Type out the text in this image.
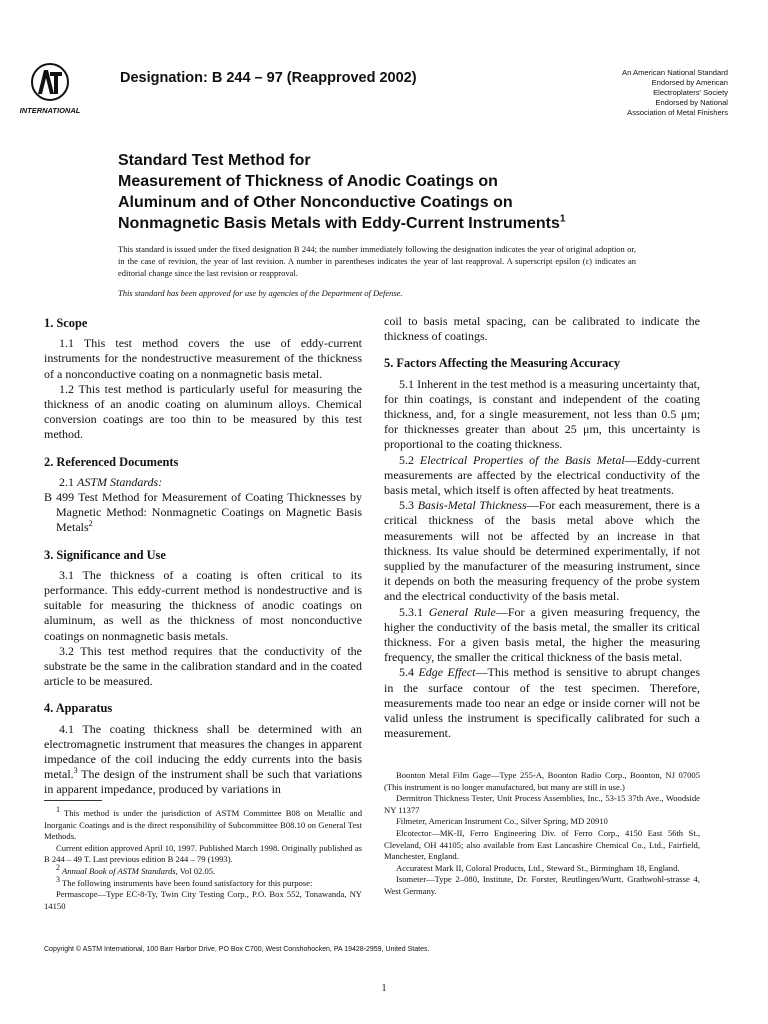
INTERNATIONAL
Designation: B 244 – 97 (Reapproved 2002)	An American National Standard
Endorsed by American
Electroplaters' Society
Endorsed by National
Association of Metal Finishers
Standard Test Method for
Measurement of Thickness of Anodic Coatings on
Aluminum and of Other Nonconductive Coatings on
Nonmagnetic Basis Metals with Eddy-Current Instruments$^1$
This standard is issued under the fixed designation B 244; the number immediately following the designation indicates the year of original adoption or, in the case of revision, the year of last revision. A number in parentheses indicates the year of last reapproval. A superscript epsilon (ε) indicates an editorial change since the last revision or reapproval.
This standard has been approved for use by agencies of the Department of Defense.
1. Scope

1.1 This test method covers the use of eddy-current instruments for the nondestructive measurement of the thickness of a nonconductive coating on a nonmagnetic basis metal.

1.2 This test method is particularly useful for measuring the thickness of an anodic coating on aluminum alloys. Chemical conversion coatings are too thin to be measured by this test method.

2. Referenced Documents

2.1 ASTM Standards:

B 499 Test Method for Measurement of Coating Thicknesses by Magnetic Method: Nonmagnetic Coatings on Magnetic Basis Metals$^2$

3. Significance and Use

3.1 The thickness of a coating is often critical to its performance. This eddy-current method is nondestructive and is suitable for measuring the thickness of anodic coatings on aluminum, as well as the thickness of most nonconductive coatings on nonmagnetic basis metals.

3.2 This test method requires that the conductivity of the substrate be the same in the calibration standard and in the coated article to be measured.

4. Apparatus

4.1 The coating thickness shall be determined with an electromagnetic instrument that measures the changes in apparent impedance of the coil inducing the eddy currents into the basis metal.$^3$ The design of the instrument shall be such that variations in apparent impedance, produced by variations in

coil to basis metal spacing, can be calibrated to indicate the thickness of coatings.

5. Factors Affecting the Measuring Accuracy

5.1 Inherent in the test method is a measuring uncertainty that, for thin coatings, is constant and independent of the coating thickness, and, for a single measurement, not less than 0.5 μm; for thicknesses greater than about 25 μm, this uncertainty is proportional to the coating thickness.

5.2 Electrical Properties of the Basis Metal—Eddy-current measurements are affected by the electrical conductivity of the basis metal, which itself is often affected by heat treatments.

5.3 Basis-Metal Thickness—For each measurement, there is a critical thickness of the basis metal above which the measurements will not be affected by an increase in that thickness. Its value should be determined experimentally, if not supplied by the manufacturer of the measuring instrument, since it depends on both the measuring frequency of the probe system and the electrical conductivity of the basis metal.

5.3.1 General Rule—For a given measuring frequency, the higher the conductivity of the basis metal, the smaller its critical thickness. For a given basis metal, the higher the measuring frequency, the smaller the critical thickness of the basis metal.

5.4 Edge Effect—This method is sensitive to abrupt changes in the surface contour of the test specimen. Therefore, measurements made too near an edge or inside corner will not be valid unless the instrument is specifically calibrated for such a measurement.

$^1$ This method is under the jurisdiction of ASTM Committee B08 on Metallic and Inorganic Coatings and is the direct responsibility of Subcommittee B08.10 on General Test Methods.

Current edition approved April 10, 1997. Published March 1998. Originally published as B 244 – 49 T. Last previous edition B 244 – 79 (1993).

$^2$ Annual Book of ASTM Standards, Vol 02.05.

$^3$ The following instruments have been found satisfactory for this purpose:

Permascope—Type EC-8-Ty, Twin City Testing Corp., P.O. Box 552, Tonawanda, NY 14150

Boonton Metal Film Gage—Type 255-A, Boonton Radio Corp., Boonton, NJ 07005 (This instrument is no longer manufactured, but many are still in use.)

Dermitron Thickness Tester, Unit Process Assemblies, Inc., 53-15 37th Ave., Woodside NY 11377

Filmeter, American Instrument Co., Silver Spring, MD 20910

Elcotector—MK-II, Ferro Engineering Div. of Ferro Corp., 4150 East 56th St., Cleveland, OH 44105; also available from East Lancashire Chemical Co., Ltd., Fairfield, Manchester, England.

Accuratest Mark II, Coloral Products, Ltd., Steward St., Birmingham 18, England.

Isometer—Type 2–080, Institute, Dr. Forster, Reutlingen/Wurtt. Grathwohl-strasse 4, West Germany.

Copyright © ASTM International, 100 Barr Harbor Drive, PO Box C700, West Conshohocken, PA 19428-2959, United States.
1
